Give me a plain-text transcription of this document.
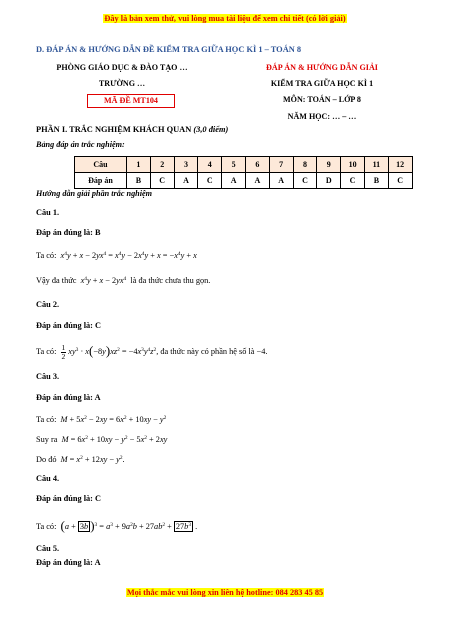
Đây là bản xem thử, vui lòng mua tài liệu để xem chi tiết (có lời giải)
D. ĐÁP ÁN & HƯỚNG DẪN ĐỀ KIỂM TRA GIỮA HỌC KÌ 1 – TOÁN 8
PHÒNG GIÁO DỤC & ĐÀO TẠO …
TRƯỜNG …
MÃ ĐỀ MT104
ĐÁP ÁN & HƯỚNG DẪN GIẢI
KIỂM TRA GIỮA HỌC KÌ 1
MÔN: TOÁN – LỚP 8
NĂM HỌC: … – …
PHẦN I. TRẮC NGHIỆM KHÁCH QUAN (3,0 điểm)
Bảng đáp án trắc nghiệm:
Câu	1	2	3	4	5	6	7	8	9	10	11	12
Đáp án	B	C	A	C	A	A	A	C	D	C	B	C
Hướng dẫn giải phần trắc nghiệm
Câu 1.
Đáp án đúng là: B
Ta có: $x^4y + x - 2yx^4 = x^4y - 2x^4y + x = -x^4y + x$
Vậy đa thức $x^4y + x - 2yx^4$ là đa thức chưa thu gọn.
Câu 2.
Đáp án đúng là: C
Ta có: $\frac{1}{2} xy^3 \cdot x(-8y)xz^2 = -4x^3y^4z^2$, đa thức này có phần hệ số là −4.
Câu 3.
Đáp án đúng là: A
Ta có: $M + 5x^2 - 2xy = 6x^2 + 10xy - y^2$
Suy ra $M = 6x^2 + 10xy - y^2 - 5x^2 + 2xy$
Do đó $M = x^2 + 12xy - y^2$.
Câu 4.
Đáp án đúng là: C
Ta có: (a + 3b )$^3 = a^3 + 9a^2b + 27ab^2 + 27b^3$ .
Câu 5.
Đáp án đúng là: A
Mọi thắc mắc vui lòng xin liên hệ hotline: 084 283 45 85
